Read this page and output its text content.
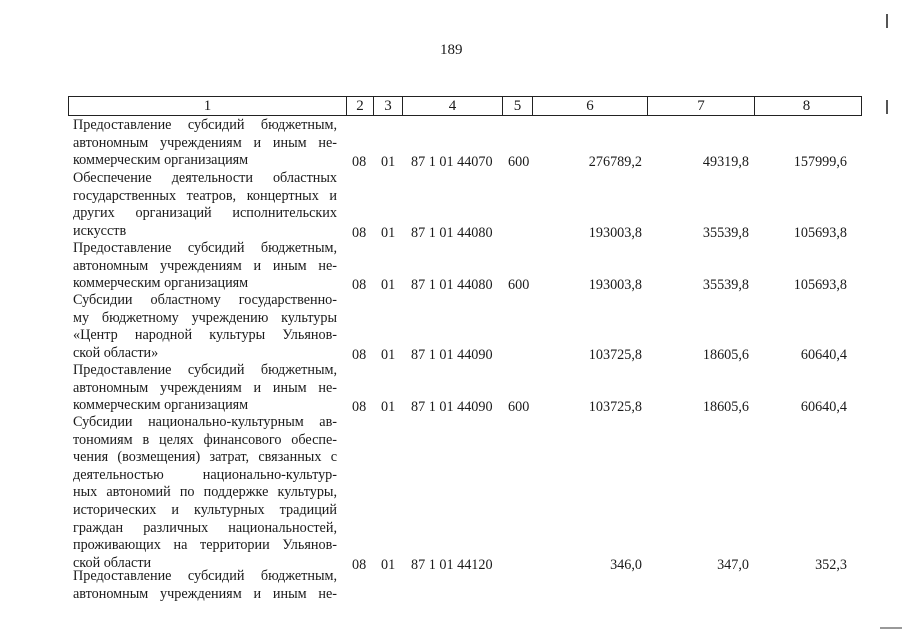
189
1	2	3	4	5	6	7	8
Предоставление субсидий бюджетным,
автономным учреждениям и иным не-
коммерческим организациям	08 01 87 1 01 44070 600	276789,2	49319,8	157999,6
Обеспечение деятельности областных
государственных театров, концертных и
других организаций исполнительских
искусств	08 01 87 1 01 44080	193003,8	35539,8	105693,8
Предоставление субсидий бюджетным,
автономным учреждениям и иным не-
коммерческим организациям	08 01 87 1 01 44080 600	193003,8	35539,8	105693,8
Субсидии областному государственно-
му бюджетному учреждению культуры
«Центр народной культуры Ульянов-
ской области»	08 01 87 1 01 44090	103725,8	18605,6	60640,4
Предоставление субсидий бюджетным,
автономным учреждениям и иным не-
коммерческим организациям	08 01 87 1 01 44090 600	103725,8	18605,6	60640,4
Субсидии национально-культурным ав-
тономиям в целях финансового обеспе-
чения (возмещения) затрат, связанных с
деятельностью национально-культур-
ных автономий по поддержке культуры,
исторических и культурных традиций
граждан различных национальностей,
проживающих на территории Ульянов-
ской области	08 01 87 1 01 44120	346,0	347,0	352,3
Предоставление субсидий бюджетным,
автономным учреждениям и иным не-
